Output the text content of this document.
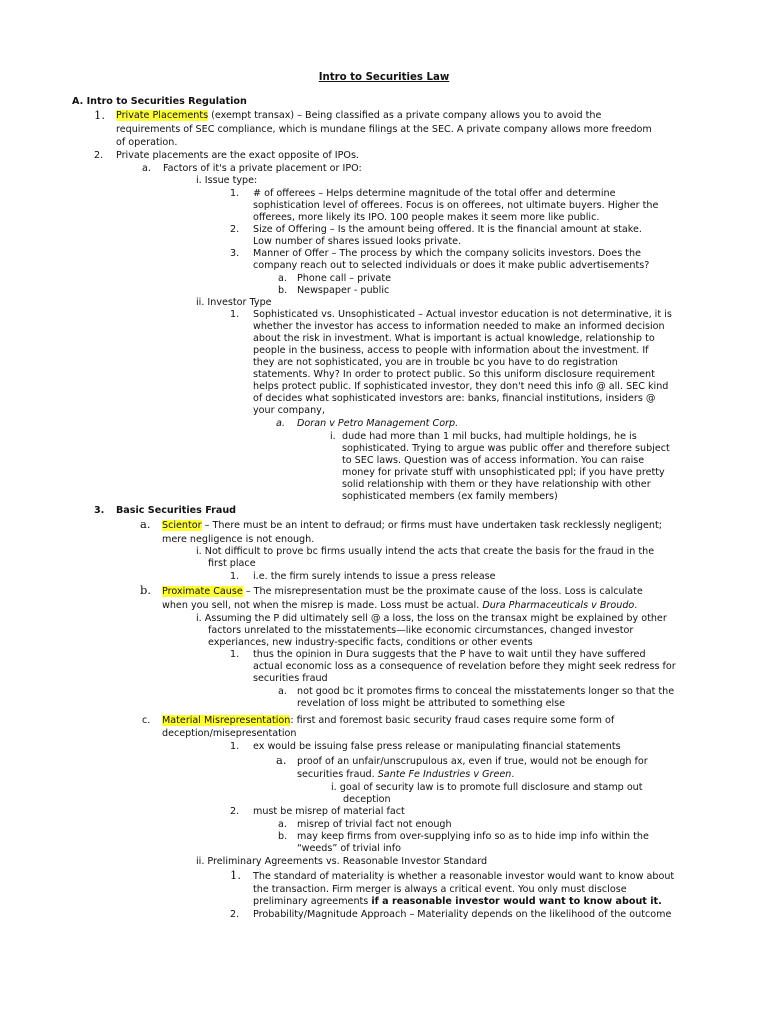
Intro to Securities Law
A. Intro to Securities Regulation
1. Private Placements (exempt transax) – Being classified as a private company allows you to avoid the
requirements of SEC compliance, which is mundane filings at the SEC. A private company allows more freedom
of operation.
2. Private placements are the exact opposite of IPOs.
a. Factors of it's a private placement or IPO:
i. Issue type:
1. # of offerees – Helps determine magnitude of the total offer and determine
sophistication level of offerees. Focus is on offerees, not ultimate buyers. Higher the
offerees, more likely its IPO. 100 people makes it seem more like public.
2. Size of Offering – Is the amount being offered. It is the financial amount at stake.
Low number of shares issued looks private.
3. Manner of Offer – The process by which the company solicits investors. Does the
company reach out to selected individuals or does it make public advertisements?
a. Phone call – private
b. Newspaper - public
ii. Investor Type
1. Sophisticated vs. Unsophisticated – Actual investor education is not determinative, it is
whether the investor has access to information needed to make an informed decision
about the risk in investment. What is important is actual knowledge, relationship to
people in the business, access to people with information about the investment. If
they are not sophisticated, you are in trouble bc you have to do registration
statements. Why? In order to protect public. So this uniform disclosure requirement
helps protect public. If sophisticated investor, they don't need this info @ all. SEC kind
of decides what sophisticated investors are: banks, financial institutions, insiders @
your company,
a. Doran v Petro Management Corp.
i. dude had more than 1 mil bucks, had multiple holdings, he is
sophisticated. Trying to argue was public offer and therefore subject
to SEC laws. Question was of access information. You can raise
money for private stuff with unsophisticated ppl; if you have pretty
solid relationship with them or they have relationship with other
sophisticated members (ex family members)
3. Basic Securities Fraud
a. Scientor – There must be an intent to defraud; or firms must have undertaken task recklessly negligent;
mere negligence is not enough.
i. Not difficult to prove bc firms usually intend the acts that create the basis for the fraud in the
first place
1. i.e. the firm surely intends to issue a press release
b. Proximate Cause – The misrepresentation must be the proximate cause of the loss. Loss is calculate
when you sell, not when the misrep is made. Loss must be actual. Dura Pharmaceuticals v Broudo.
i. Assuming the P did ultimately sell @ a loss, the loss on the transax might be explained by other
factors unrelated to the misstatements—like economic circumstances, changed investor
experiances, new industry-specific facts, conditions or other events
1. thus the opinion in Dura suggests that the P have to wait until they have suffered
actual economic loss as a consequence of revelation before they might seek redress for
securities fraud
a. not good bc it promotes firms to conceal the misstatements longer so that the
revelation of loss might be attributed to something else
c. Material Misrepresentation: first and foremost basic security fraud cases require some form of
deception/misepresentation
1. ex would be issuing false press release or manipulating financial statements
a. proof of an unfair/unscrupulous ax, even if true, would not be enough for
securities fraud. Sante Fe Industries v Green.
i. goal of security law is to promote full disclosure and stamp out
deception
2. must be misrep of material fact
a. misrep of trivial fact not enough
b. may keep firms from over-supplying info so as to hide imp info within the
“weeds” of trivial info
ii. Preliminary Agreements vs. Reasonable Investor Standard
1. The standard of materiality is whether a reasonable investor would want to know about
the transaction. Firm merger is always a critical event. You only must disclose
preliminary agreements if a reasonable investor would want to know about it.
2. Probability/Magnitude Approach – Materiality depends on the likelihood of the outcome
